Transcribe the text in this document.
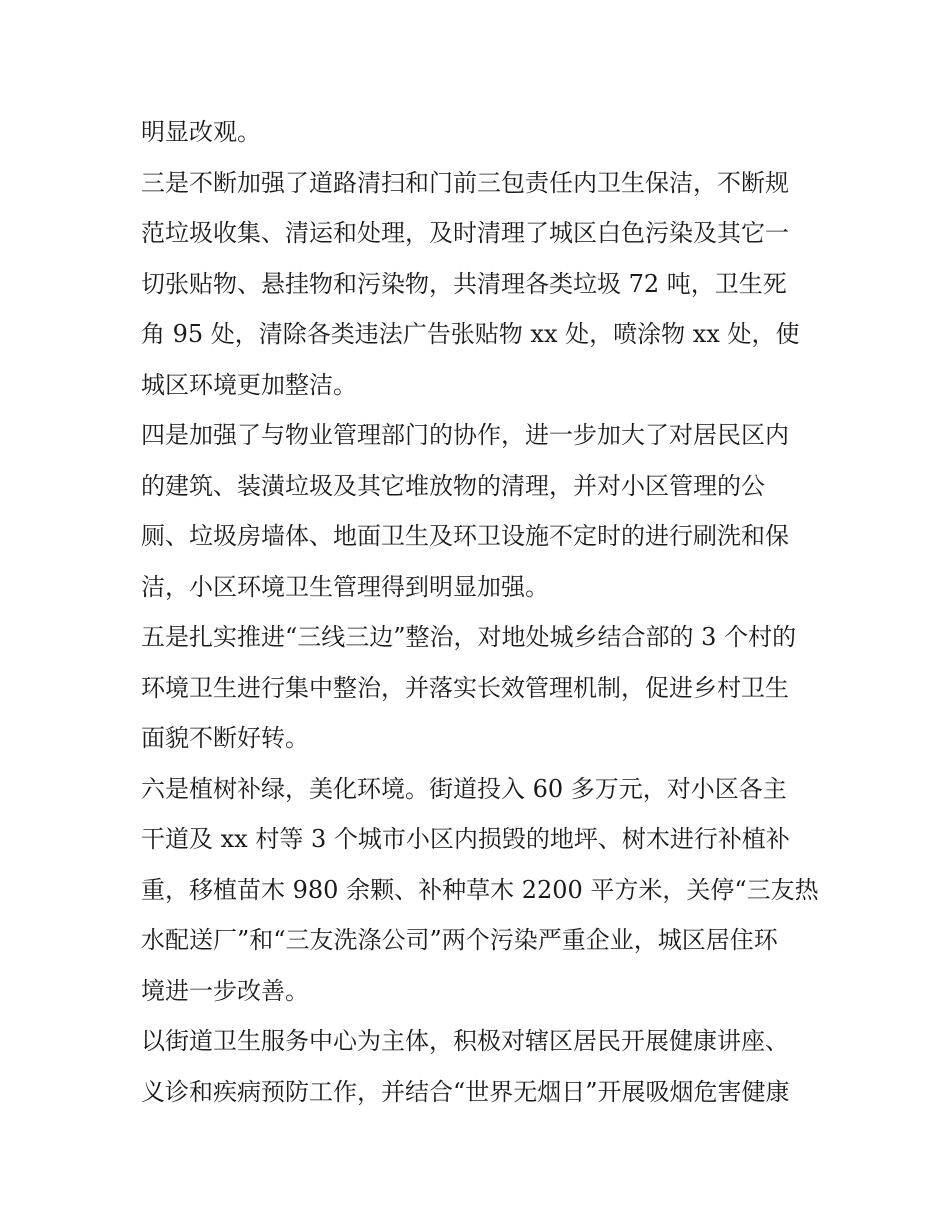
明显改观。
三是不断加强了道路清扫和门前三包责任内卫生保洁，不断规
范垃圾收集、清运和处理，及时清理了城区白色污染及其它一
切张贴物、悬挂物和污染物，共清理各类垃圾 72 吨，卫生死
角 95 处，清除各类违法广告张贴物 xx 处，喷涂物 xx 处，使
城区环境更加整洁。
四是加强了与物业管理部门的协作，进一步加大了对居民区内
的建筑、装潢垃圾及其它堆放物的清理，并对小区管理的公
厕、垃圾房墙体、地面卫生及环卫设施不定时的进行刷洗和保
洁，小区环境卫生管理得到明显加强。
五是扎实推进“三线三边”整治，对地处城乡结合部的 3 个村的
环境卫生进行集中整治，并落实长效管理机制，促进乡村卫生
面貌不断好转。
六是植树补绿，美化环境。街道投入 60 多万元，对小区各主
干道及 xx 村等 3 个城市小区内损毁的地坪、树木进行补植补
重，移植苗木 980 余颗、补种草木 2200 平方米，关停“三友热
水配送厂”和“三友洗涤公司”两个污染严重企业，城区居住环
境进一步改善。
以街道卫生服务中心为主体，积极对辖区居民开展健康讲座、
义诊和疾病预防工作，并结合“世界无烟日”开展吸烟危害健康
